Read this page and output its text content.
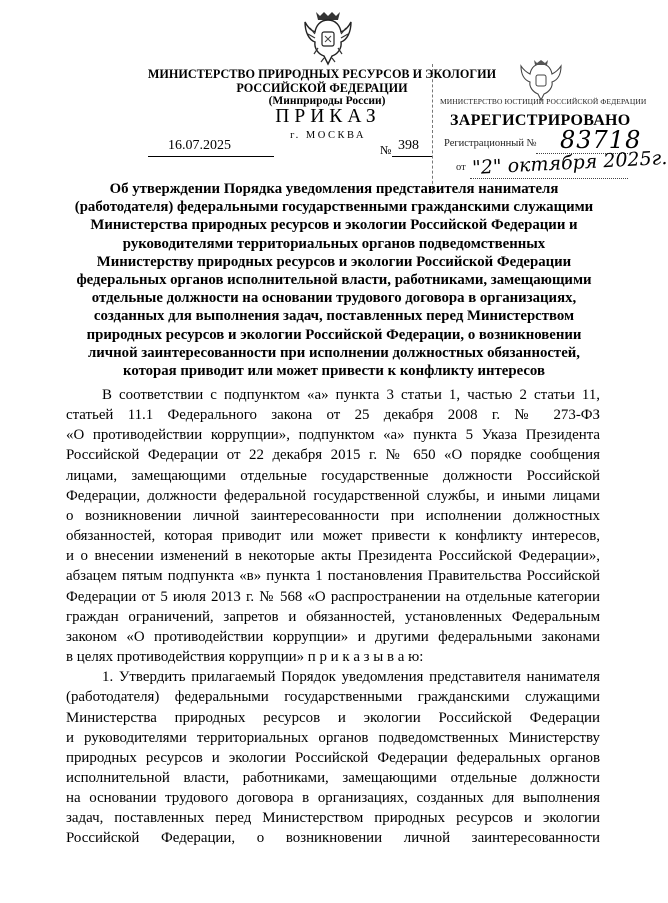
МИНИСТЕРСТВО ПРИРОДНЫХ РЕСУРСОВ И ЭКОЛОГИИ
РОССИЙСКОЙ ФЕДЕРАЦИИ
(Минприроды России)
ПРИКАЗ
г. МОСКВА
16.07.2025	№ 398
МИНИСТЕРСТВО ЮСТИЦИИ РОССИЙСКОЙ ФЕДЕРАЦИИ
ЗАРЕГИСТРИРОВАНО
Регистрационный № 83718
от "2" октября 2025г.
Об утверждении Порядка уведомления представителя нанимателя
(работодателя) федеральными государственными гражданскими служащими
Министерства природных ресурсов и экологии Российской Федерации и
руководителями территориальных органов подведомственных
Министерству природных ресурсов и экологии Российской Федерации
федеральных органов исполнительной власти, работниками, замещающими
отдельные должности на основании трудового договора в организациях,
созданных для выполнения задач, поставленных перед Министерством
природных ресурсов и экологии Российской Федерации, о возникновении
личной заинтересованности при исполнении должностных обязанностей,
которая приводит или может привести к конфликту интересов
В соответствии с подпунктом «а» пункта 3 статьи 1, частью 2 статьи 11,
статьей 11.1 Федерального закона от 25 декабря 2008 г. № 273-ФЗ
«О противодействии коррупции», подпунктом «а» пункта 5 Указа Президента
Российской Федерации от 22 декабря 2015 г. № 650 «О порядке сообщения
лицами, замещающими отдельные государственные должности Российской
Федерации, должности федеральной государственной службы, и иными лицами
о возникновении личной заинтересованности при исполнении должностных
обязанностей, которая приводит или может привести к конфликту интересов,
и о внесении изменений в некоторые акты Президента Российской Федерации»,
абзацем пятым подпункта «в» пункта 1 постановления Правительства Российской
Федерации от 5 июля 2013 г. № 568 «О распространении на отдельные категории
граждан ограничений, запретов и обязанностей, установленных Федеральным
законом «О противодействии коррупции» и другими федеральными законами
в целях противодействия коррупции» п р и к а з ы в а ю:
1. Утвердить прилагаемый Порядок уведомления представителя нанимателя
(работодателя) федеральными государственными гражданскими служащими
Министерства природных ресурсов и экологии Российской Федерации
и руководителями территориальных органов подведомственных Министерству
природных ресурсов и экологии Российской Федерации федеральных органов
исполнительной власти, работниками, замещающими отдельные должности
на основании трудового договора в организациях, созданных для выполнения
задач, поставленных перед Министерством природных ресурсов и экологии
Российской Федерации, о возникновении личной заинтересованности
